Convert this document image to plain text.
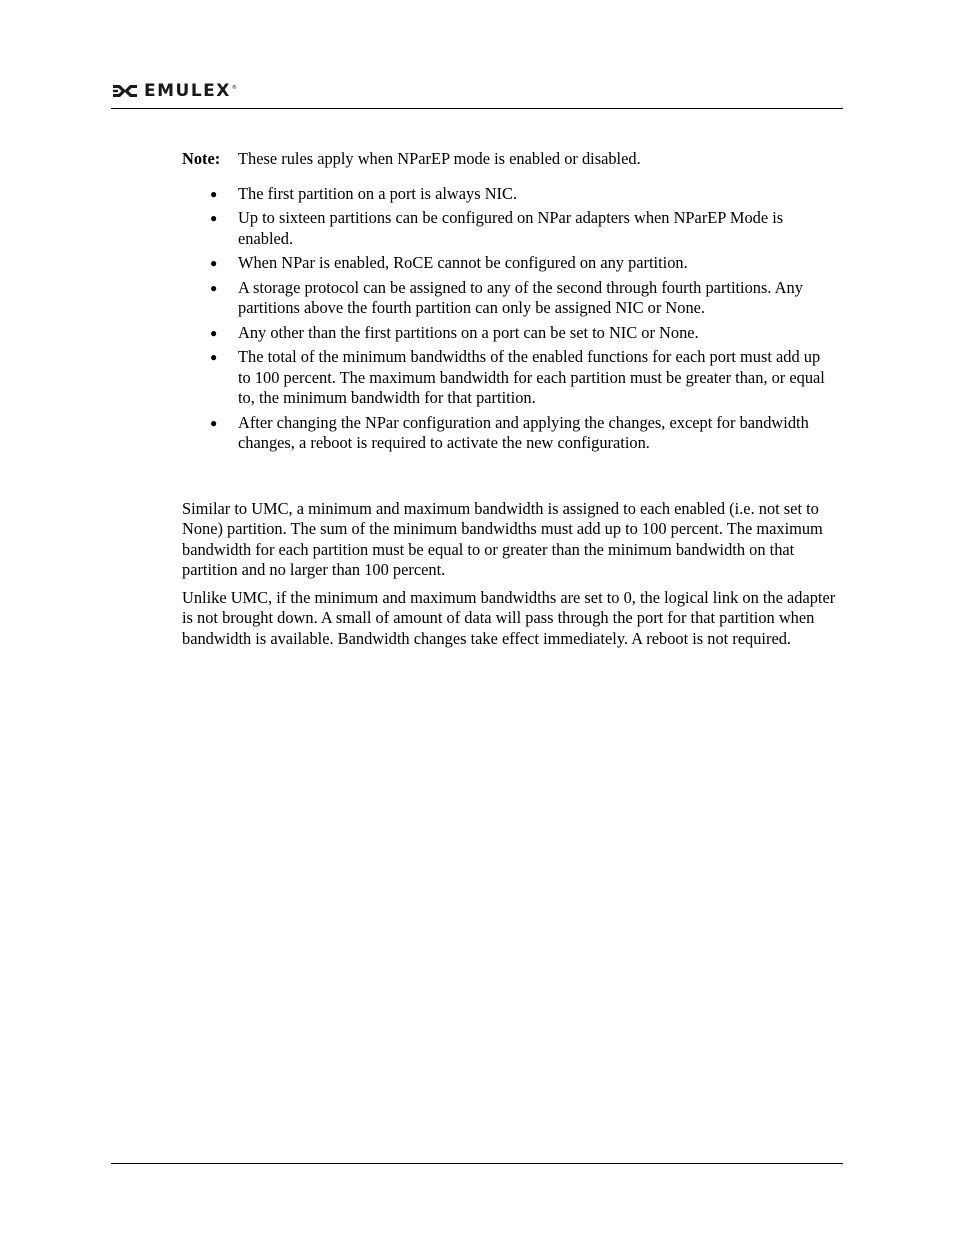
EMULEX ®
Note:	These rules apply when NParEP mode is enabled or disabled.
● The first partition on a port is always NIC.
● Up to sixteen partitions can be configured on NPar adapters when NParEP Mode is enabled.
● When NPar is enabled, RoCE cannot be configured on any partition.
● A storage protocol can be assigned to any of the second through fourth partitions. Any partitions above the fourth partition can only be assigned NIC or None.
● Any other than the first partitions on a port can be set to NIC or None.
● The total of the minimum bandwidths of the enabled functions for each port must add up to 100 percent. The maximum bandwidth for each partition must be greater than, or equal to, the minimum bandwidth for that partition.
● After changing the NPar configuration and applying the changes, except for bandwidth changes, a reboot is required to activate the new configuration.

Similar to UMC, a minimum and maximum bandwidth is assigned to each enabled (i.e. not set to None) partition. The sum of the minimum bandwidths must add up to 100 percent. The maximum bandwidth for each partition must be equal to or greater than the minimum bandwidth on that partition and no larger than 100 percent.

Unlike UMC, if the minimum and maximum bandwidths are set to 0, the logical link on the adapter is not brought down. A small of amount of data will pass through the port for that partition when bandwidth is available. Bandwidth changes take effect immediately. A reboot is not required.
